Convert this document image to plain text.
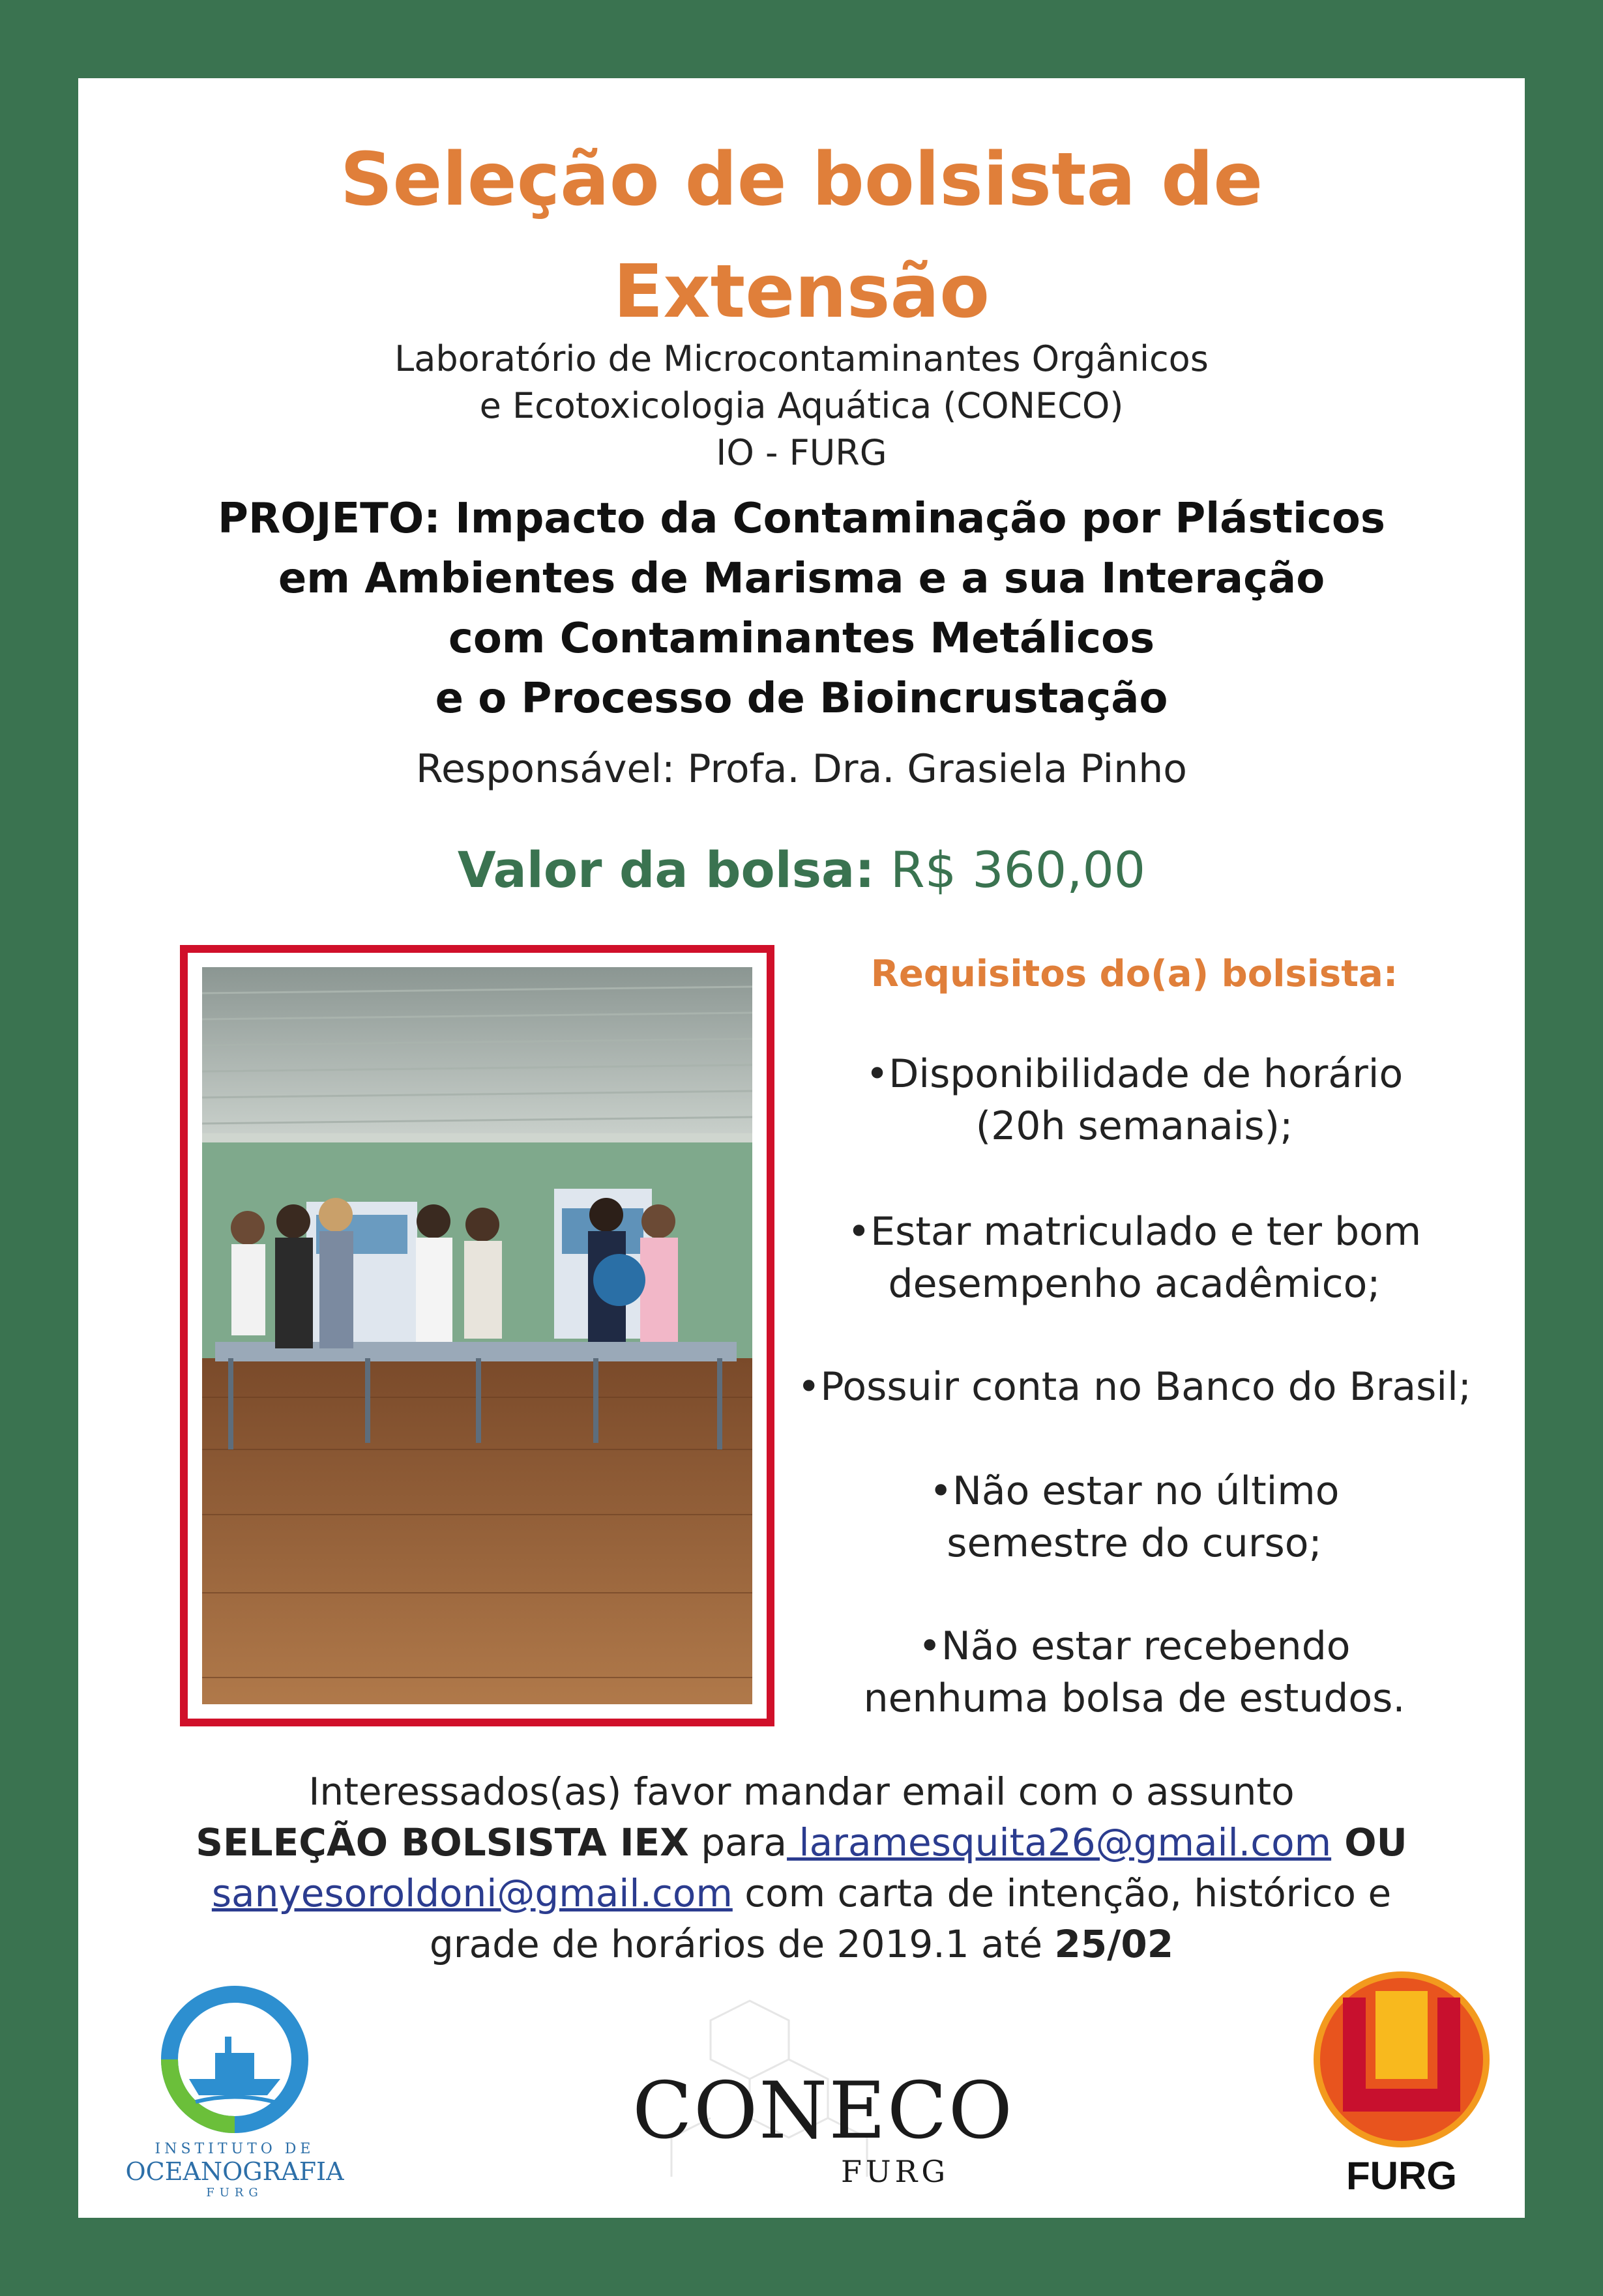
Seleção de bolsista de
Extensão
Laboratório de Microcontaminantes Orgânicos
e Ecotoxicologia Aquática (CONECO)
IO - FURG
PROJETO: Impacto da Contaminação por Plásticos
em Ambientes de Marisma e a sua Interação
com Contaminantes Metálicos
e o Processo de Bioincrustação
Responsável: Profa. Dra. Grasiela Pinho
Valor da bolsa: R$ 360,00
Requisitos do(a) bolsista:
•Disponibilidade de horário
(20h semanais);
•Estar matriculado e ter bom
desempenho acadêmico;
•Possuir conta no Banco do Brasil;
•Não estar no último
semestre do curso;
•Não estar recebendo
nenhuma bolsa de estudos.
Interessados(as) favor mandar email com o assunto
SELEÇÃO BOLSISTA IEX para laramesquita26@gmail.com OU
sanyesoroldoni@gmail.com com carta de intenção, histórico e
grade de horários de 2019.1 até 25/02
INSTITUTO DE
OCEANOGRAFIA
FURG
CONECO
FURG	FURG
